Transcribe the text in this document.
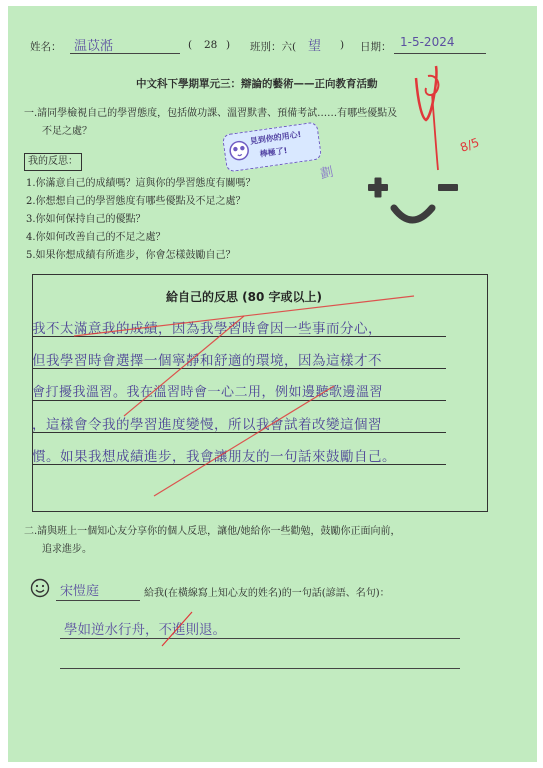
姓名： 温苡湉	( 28 ) 班別：六( 望 ) 日期： 1-5-2024
中文科下學期單元三：辯論的藝術——正向教育活動
一.請同學檢視自己的學習態度，包括做功課、溫習默書、預備考試……有哪些優點及
不足之處？
我的反思：
1.你滿意自己的成績嗎？這與你的學習態度有關嗎？
2.你想想自己的學習態度有哪些優點及不足之處？
3.你如何保持自己的優點？
4.你如何改善自己的不足之處？
5.如果你想成績有所進步，你會怎樣鼓勵自己？
見到你的用心!
棒極了!
劃
8/5
給自己的反思 (80 字或以上)
我不太滿意我的成績，因為我學習時會因一些事而分心，
但我學習時會選擇一個寧靜和舒適的環境，因為這樣才不
會打擾我溫習。我在溫習時會一心二用，例如邊聽歌邊溫習
，這樣會令我的學習進度變慢，所以我會試着改變這個習
慣。如果我想成績進步，我會讓朋友的一句話來鼓勵自己。
二.請與班上一個知心友分享你的個人反思，讓他/她給你一些勸勉，鼓勵你正面向前，
追求進步。
宋愷庭	給我(在橫線寫上知心友的姓名)的一句話(諺語、名句)：
學如逆水行舟，不進則退。
